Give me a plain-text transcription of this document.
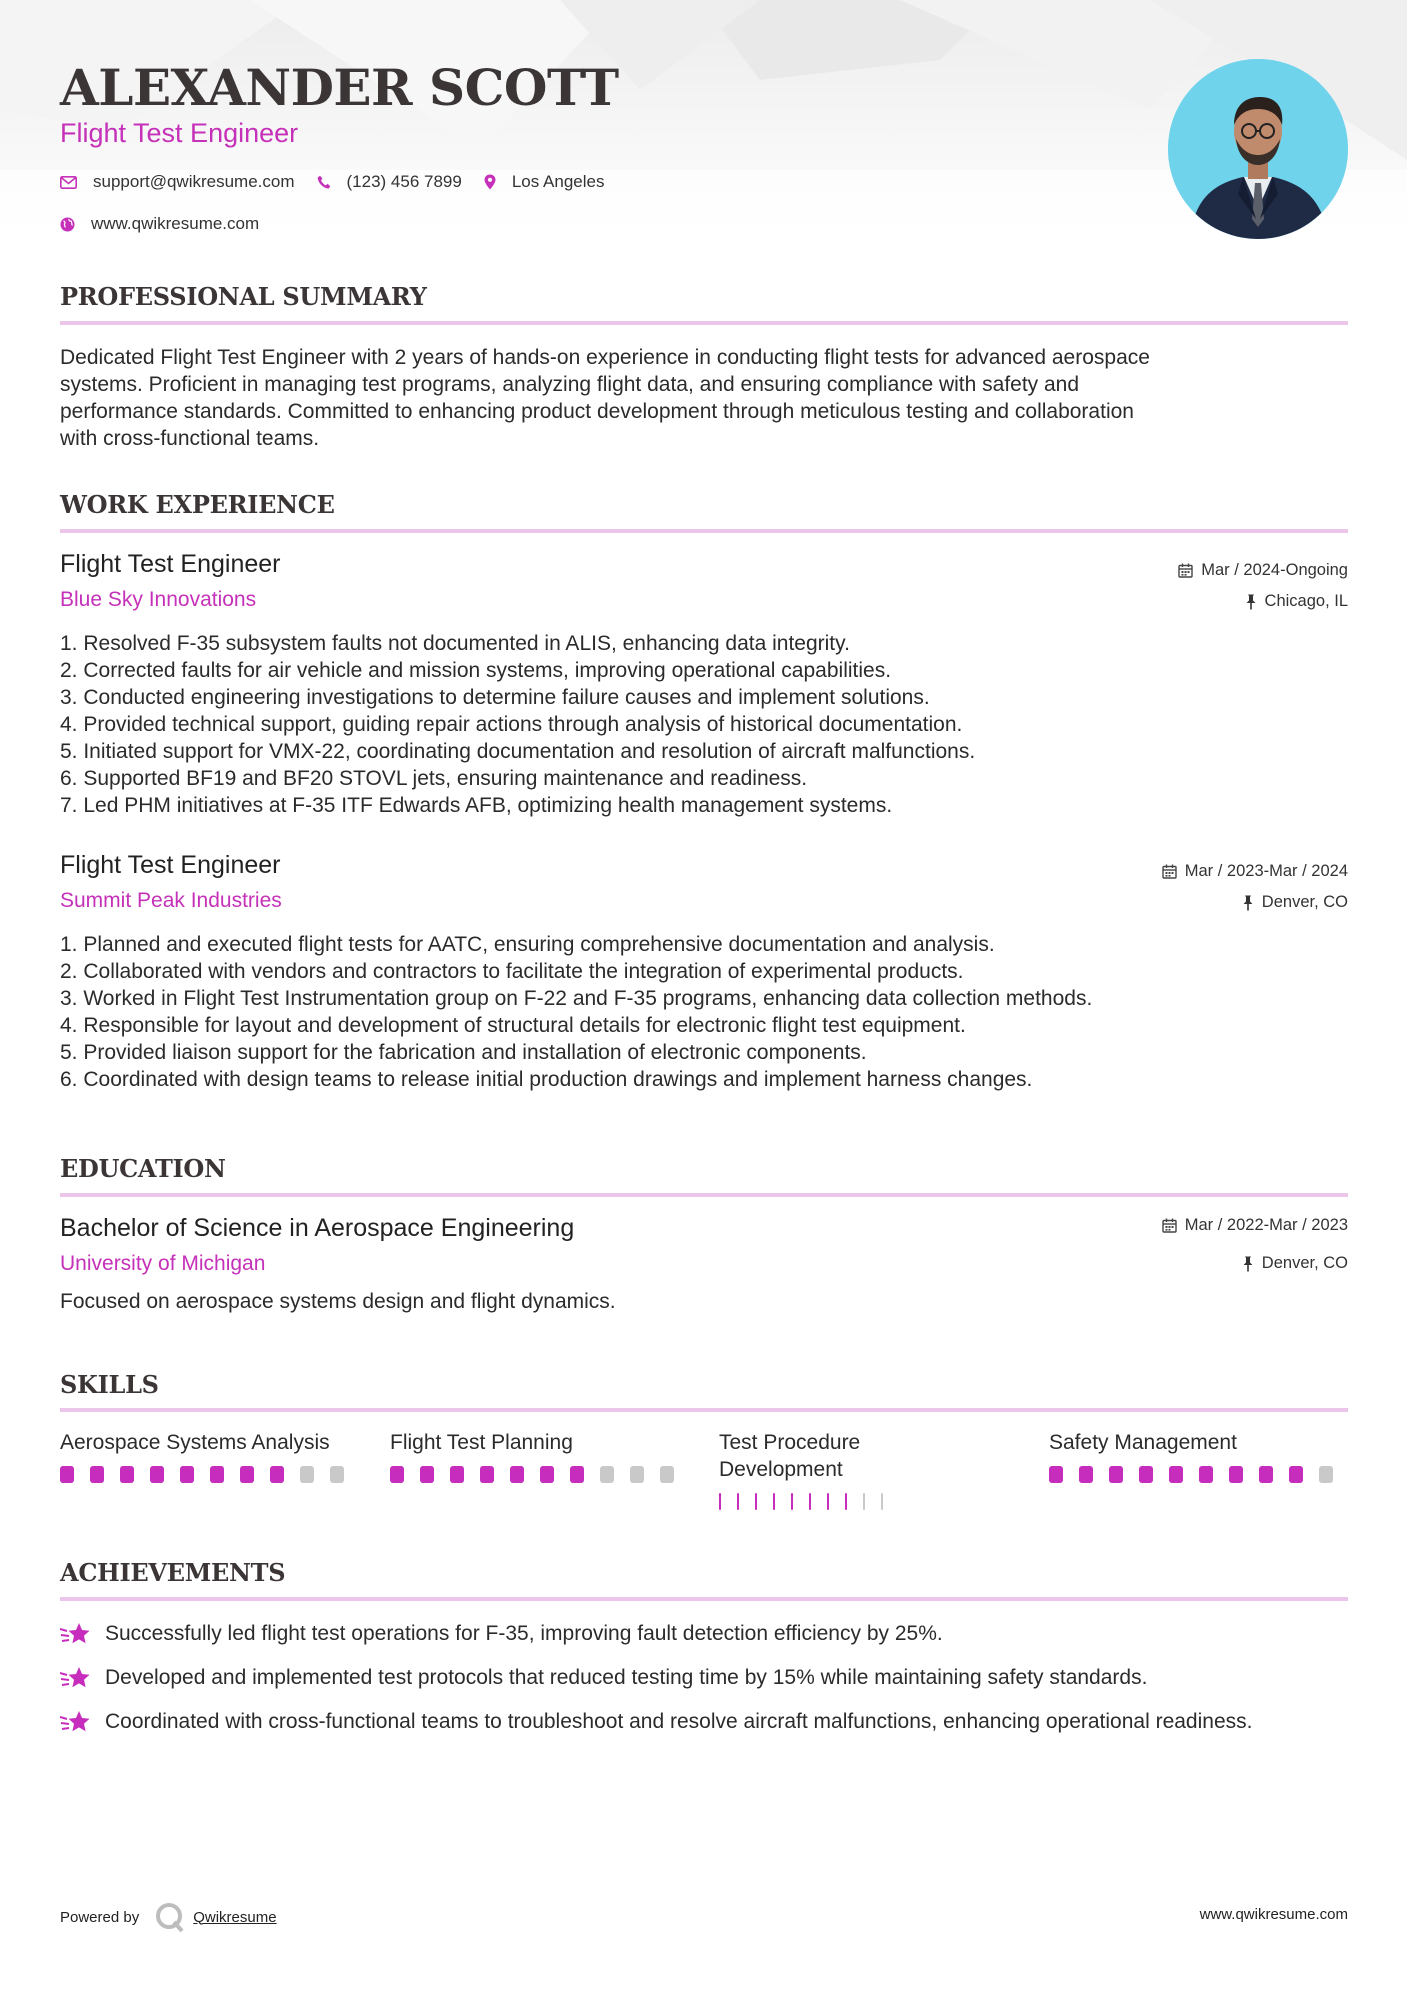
ALEXANDER SCOTT
Flight Test Engineer
support@qwikresume.com	(123) 456 7899	Los Angeles
www.qwikresume.com
PROFESSIONAL SUMMARY
Dedicated Flight Test Engineer with 2 years of hands-on experience in conducting flight tests for advanced aerospace
systems. Proficient in managing test programs, analyzing flight data, and ensuring compliance with safety and
performance standards. Committed to enhancing product development through meticulous testing and collaboration
with cross-functional teams.
WORK EXPERIENCE
Flight Test Engineer
Blue Sky Innovations
Mar / 2024-Ongoing
Chicago, IL
1. Resolved F-35 subsystem faults not documented in ALIS, enhancing data integrity.
2. Corrected faults for air vehicle and mission systems, improving operational capabilities.
3. Conducted engineering investigations to determine failure causes and implement solutions.
4. Provided technical support, guiding repair actions through analysis of historical documentation.
5. Initiated support for VMX-22, coordinating documentation and resolution of aircraft malfunctions.
6. Supported BF19 and BF20 STOVL jets, ensuring maintenance and readiness.
7. Led PHM initiatives at F-35 ITF Edwards AFB, optimizing health management systems.
Flight Test Engineer
Summit Peak Industries
Mar / 2023-Mar / 2024
Denver, CO
1. Planned and executed flight tests for AATC, ensuring comprehensive documentation and analysis.
2. Collaborated with vendors and contractors to facilitate the integration of experimental products.
3. Worked in Flight Test Instrumentation group on F-22 and F-35 programs, enhancing data collection methods.
4. Responsible for layout and development of structural details for electronic flight test equipment.
5. Provided liaison support for the fabrication and installation of electronic components.
6. Coordinated with design teams to release initial production drawings and implement harness changes.
EDUCATION
Bachelor of Science in Aerospace Engineering
University of Michigan
Mar / 2022-Mar / 2023
Denver, CO
Focused on aerospace systems design and flight dynamics.
SKILLS
Aerospace Systems Analysis	Flight Test Planning	Test Procedure Development
Safety Management
ACHIEVEMENTS
Successfully led flight test operations for F-35, improving fault detection efficiency by 25%.
Developed and implemented test protocols that reduced testing time by 15% while maintaining safety standards.
Coordinated with cross-functional teams to troubleshoot and resolve aircraft malfunctions, enhancing operational readiness.
Powered by	Qwikresume	www.qwikresume.com
